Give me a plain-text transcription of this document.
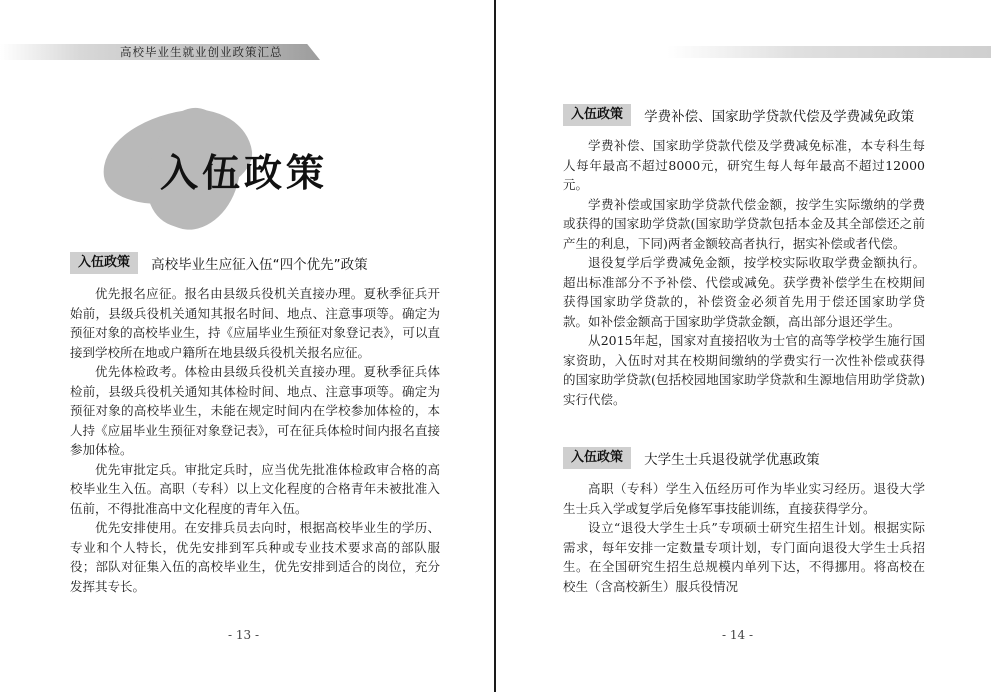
高校毕业生就业创业政策汇总
入伍政策
入伍政策 高校毕业生应征入伍“四个优先”政策

优先报名应征。报名由县级兵役机关直接办理。夏秋季征兵开始前，县级兵役机关通知其报名时间、地点、注意事项等。确定为预征对象的高校毕业生，持《应届毕业生预征对象登记表》，可以直接到学校所在地或户籍所在地县级兵役机关报名应征。

优先体检政考。体检由县级兵役机关直接办理。夏秋季征兵体检前，县级兵役机关通知其体检时间、地点、注意事项等。确定为预征对象的高校毕业生，未能在规定时间内在学校参加体检的，本人持《应届毕业生预征对象登记表》，可在征兵体检时间内报名直接参加体检。

优先审批定兵。审批定兵时，应当优先批准体检政审合格的高校毕业生入伍。高职（专科）以上文化程度的合格青年未被批准入伍前，不得批准高中文化程度的青年入伍。

优先安排使用。在安排兵员去向时，根据高校毕业生的学历、专业和个人特长，优先安排到军兵种或专业技术要求高的部队服役；部队对征集入伍的高校毕业生，优先安排到适合的岗位，充分发挥其专长。

- 13 -
入伍政策 学费补偿、国家助学贷款代偿及学费减免政策

学费补偿、国家助学贷款代偿及学费减免标准，本专科生每人每年最高不超过8000元，研究生每人每年最高不超过12000元。

学费补偿或国家助学贷款代偿金额，按学生实际缴纳的学费或获得的国家助学贷款(国家助学贷款包括本金及其全部偿还之前产生的利息，下同)两者金额较高者执行，据实补偿或者代偿。

退役复学后学费减免金额，按学校实际收取学费金额执行。超出标准部分不予补偿、代偿或减免。获学费补偿学生在校期间获得国家助学贷款的，补偿资金必须首先用于偿还国家助学贷款。如补偿金额高于国家助学贷款金额，高出部分退还学生。

从2015年起，国家对直接招收为士官的高等学校学生施行国家资助，入伍时对其在校期间缴纳的学费实行一次性补偿或获得的国家助学贷款(包括校园地国家助学贷款和生源地信用助学贷款)实行代偿。

入伍政策 大学生士兵退役就学优惠政策

高职（专科）学生入伍经历可作为毕业实习经历。退役大学生士兵入学或复学后免修军事技能训练，直接获得学分。

设立“退役大学生士兵”专项硕士研究生招生计划。根据实际需求，每年安排一定数量专项计划，专门面向退役大学生士兵招生。在全国研究生招生总规模内单列下达，不得挪用。将高校在校生（含高校新生）服兵役情况

- 14 -
